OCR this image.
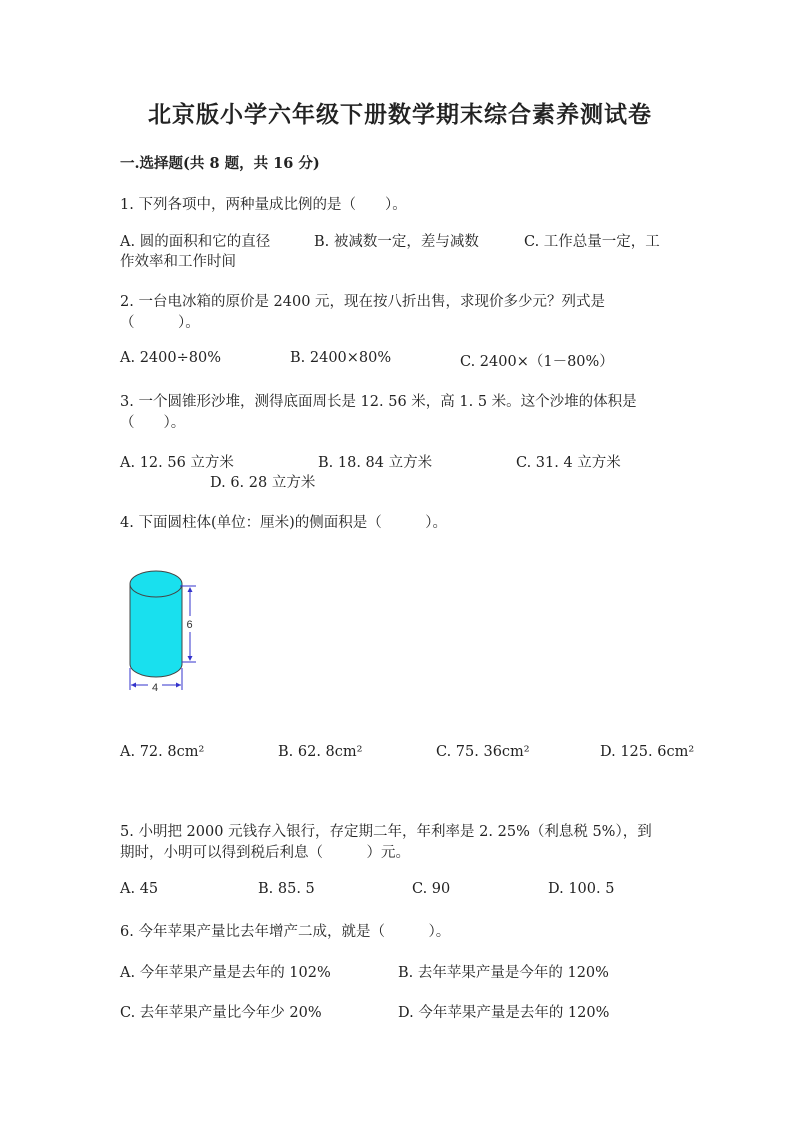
北京版小学六年级下册数学期末综合素养测试卷
一.选择题(共 8 题，共 16 分)
1. 下列各项中，两种量成比例的是（　　）。
A. 圆的面积和它的直径	B. 被减数一定，差与减数	C. 工作总量一定，工
作效率和工作时间
2. 一台电冰箱的原价是 2400 元，现在按八折出售，求现价多少元？列式是
（　　　）。
A. 2400÷80%	B. 2400×80%	C. 2400×（1－80%）
3. 一个圆锥形沙堆，测得底面周长是 12. 56 米，高 1. 5 米。这个沙堆的体积是
（　　）。
A. 12. 56 立方米	B. 18. 84 立方米	C. 31. 4 立方米
D. 6. 28 立方米
4. 下面圆柱体(单位：厘米)的侧面积是（　　　）。
6
4
A. 72. 8cm²	B. 62. 8cm²	C. 75. 36cm²	D. 125. 6cm²
5. 小明把 2000 元钱存入银行，存定期二年，年利率是 2. 25%（利息税 5%），到
期时，小明可以得到税后利息（　　　）元。
A. 45	B. 85. 5	C. 90	D. 100. 5
6. 今年苹果产量比去年增产二成，就是（　　　）。
A. 今年苹果产量是去年的 102%	B. 去年苹果产量是今年的 120%
C. 去年苹果产量比今年少 20%	D. 今年苹果产量是去年的 120%
